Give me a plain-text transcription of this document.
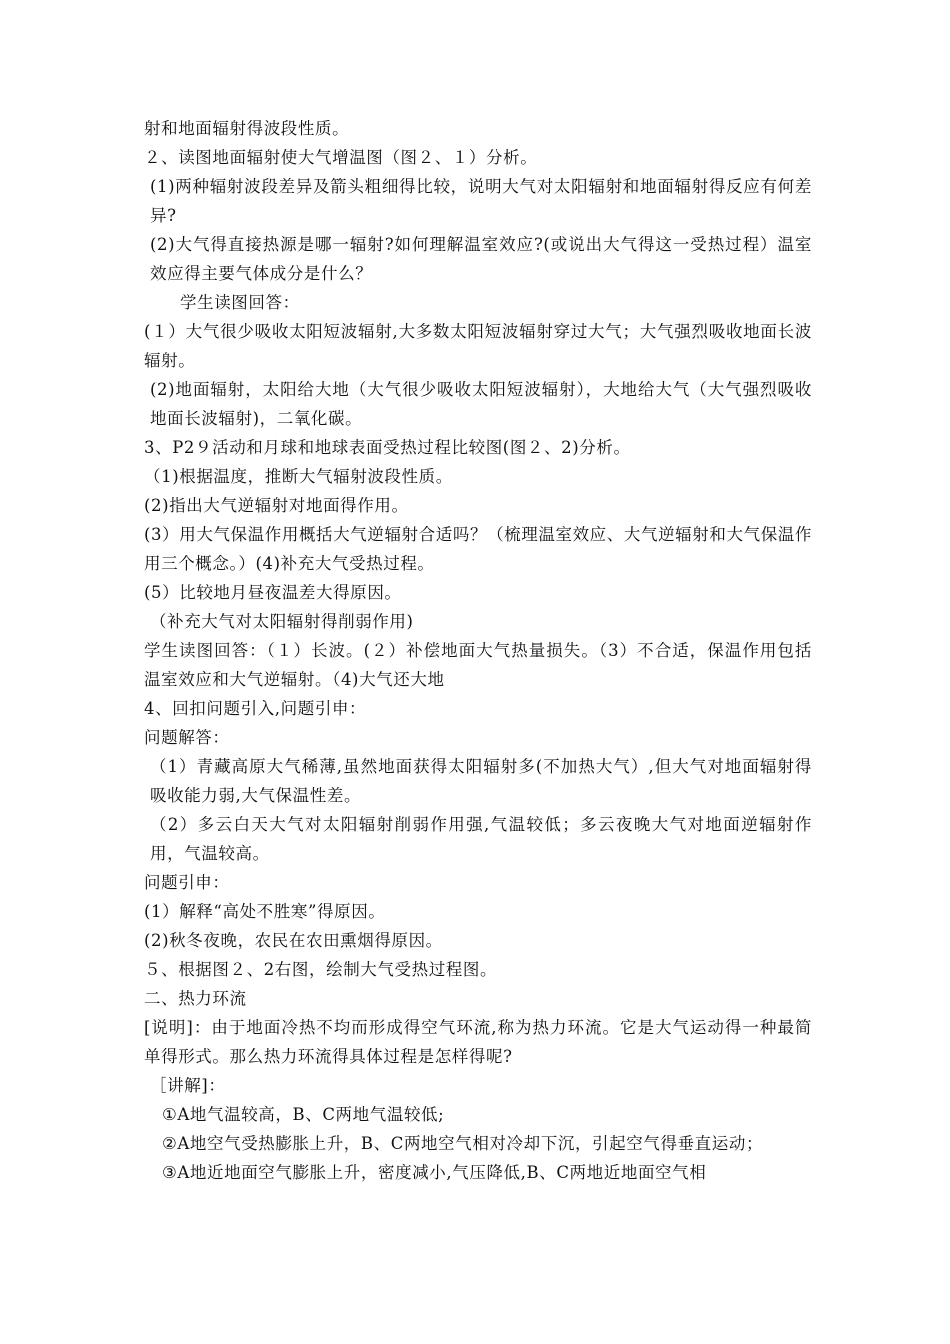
射和地面辐射得波段性质。
２、读图地面辐射使大气增温图（图２、１）分析。
(1)两种辐射波段差异及箭头粗细得比较，说明大气对太阳辐射和地面辐射得反应有何差异?
(2)大气得直接热源是哪一辐射?如何理解温室效应?(或说出大气得这一受热过程）温室效应得主要气体成分是什么？
学生读图回答：
(１）大气很少吸收太阳短波辐射,大多数太阳短波辐射穿过大气；大气强烈吸收地面长波辐射。
(2)地面辐射，太阳给大地（大气很少吸收太阳短波辐射），大地给大气（大气强烈吸收地面长波辐射)，二氧化碳。
3、P2９活动和月球和地球表面受热过程比较图(图２、2)分析。
（1)根据温度，推断大气辐射波段性质。
(2)指出大气逆辐射对地面得作用。
(3）用大气保温作用概括大气逆辐射合适吗？（梳理温室效应、大气逆辐射和大气保温作用三个概念。）(4)补充大气受热过程。
(5）比较地月昼夜温差大得原因。
（补充大气对太阳辐射得削弱作用)
学生读图回答：（１）长波。(２）补偿地面大气热量损失。（3）不合适，保温作用包括温室效应和大气逆辐射。（4)大气还大地
4、回扣问题引入,问题引申：
问题解答：
（1）青藏高原大气稀薄,虽然地面获得太阳辐射多(不加热大气）,但大气对地面辐射得吸收能力弱,大气保温性差。
（2）多云白天大气对太阳辐射削弱作用强,气温较低；多云夜晚大气对地面逆辐射作用，气温较高。
问题引申：
(1）解释“高处不胜寒”得原因。
(2)秋冬夜晚，农民在农田熏烟得原因。
５、根据图２、2右图，绘制大气受热过程图。
二、热力环流
[说明]：由于地面冷热不均而形成得空气环流,称为热力环流。它是大气运动得一种最简单得形式。那么热力环流得具体过程是怎样得呢?
［讲解]：
①A地气温较高，B、C两地气温较低;
②A地空气受热膨胀上升，B、C两地空气相对冷却下沉，引起空气得垂直运动；
③A地近地面空气膨胀上升，密度减小,气压降低,B、C两地近地面空气相
